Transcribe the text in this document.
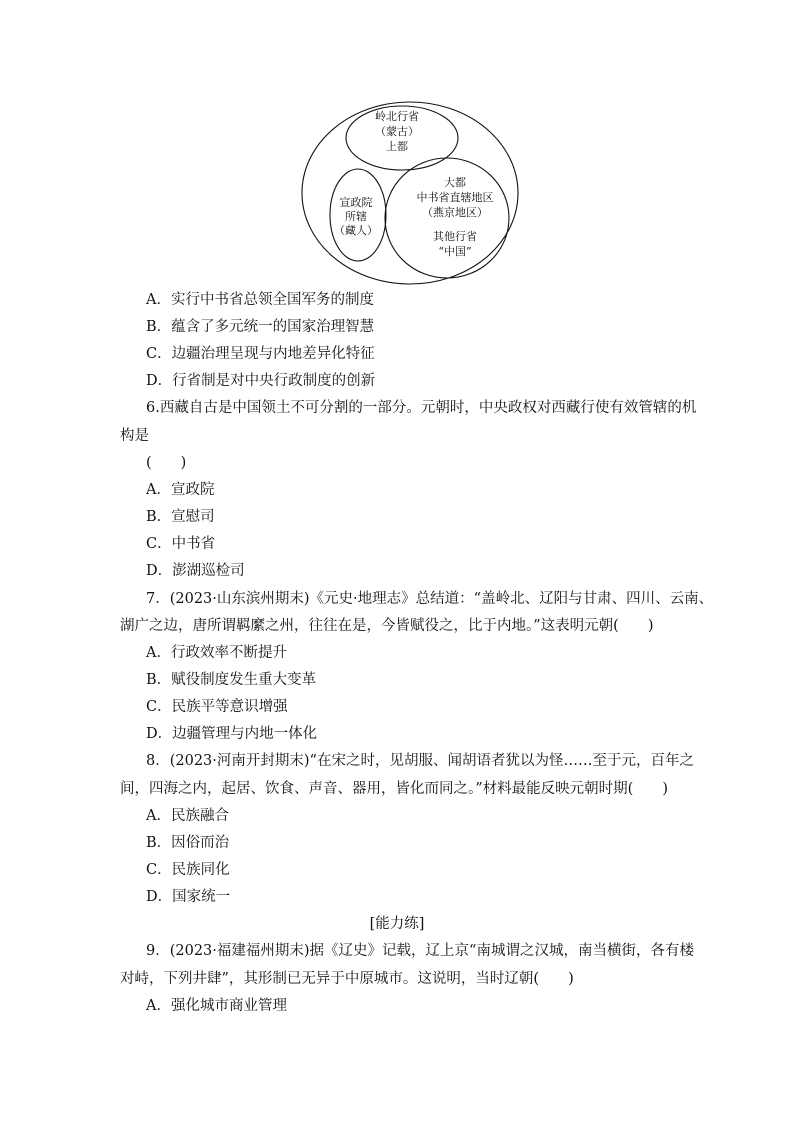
岭北行省
（蒙古）
上都
宣政院
所辖
（藏人）
大都
中书省直辖地区
（燕京地区）
其他行省
“中国”
A．实行中书省总领全国军务的制度
B．蕴含了多元统一的国家治理智慧
C．边疆治理呈现与内地差异化特征
D．行省制是对中央行政制度的创新
6.西藏自古是中国领土不可分割的一部分。元朝时，中央政权对西藏行使有效管辖的机
构是
(　　)
A．宣政院
B．宣慰司
C．中书省
D．澎湖巡检司
7．(2023·山东滨州期末)《元史·地理志》总结道：“盖岭北、辽阳与甘肃、四川、云南、
湖广之边，唐所谓羁縻之州，往往在是，今皆赋役之，比于内地。”这表明元朝(　　)
A．行政效率不断提升
B．赋役制度发生重大变革
C．民族平等意识增强
D．边疆管理与内地一体化
8．(2023·河南开封期末)“在宋之时，见胡服、闻胡语者犹以为怪……至于元，百年之
间，四海之内，起居、饮食、声音、器用，皆化而同之。”材料最能反映元朝时期(　　)
A．民族融合
B．因俗而治
C．民族同化
D．国家统一
[能力练]
9．(2023·福建福州期末)据《辽史》记载，辽上京“南城谓之汉城，南当横街，各有楼
对峙，下列井肆”，其形制已无异于中原城市。这说明，当时辽朝(　　)
A．强化城市商业管理
